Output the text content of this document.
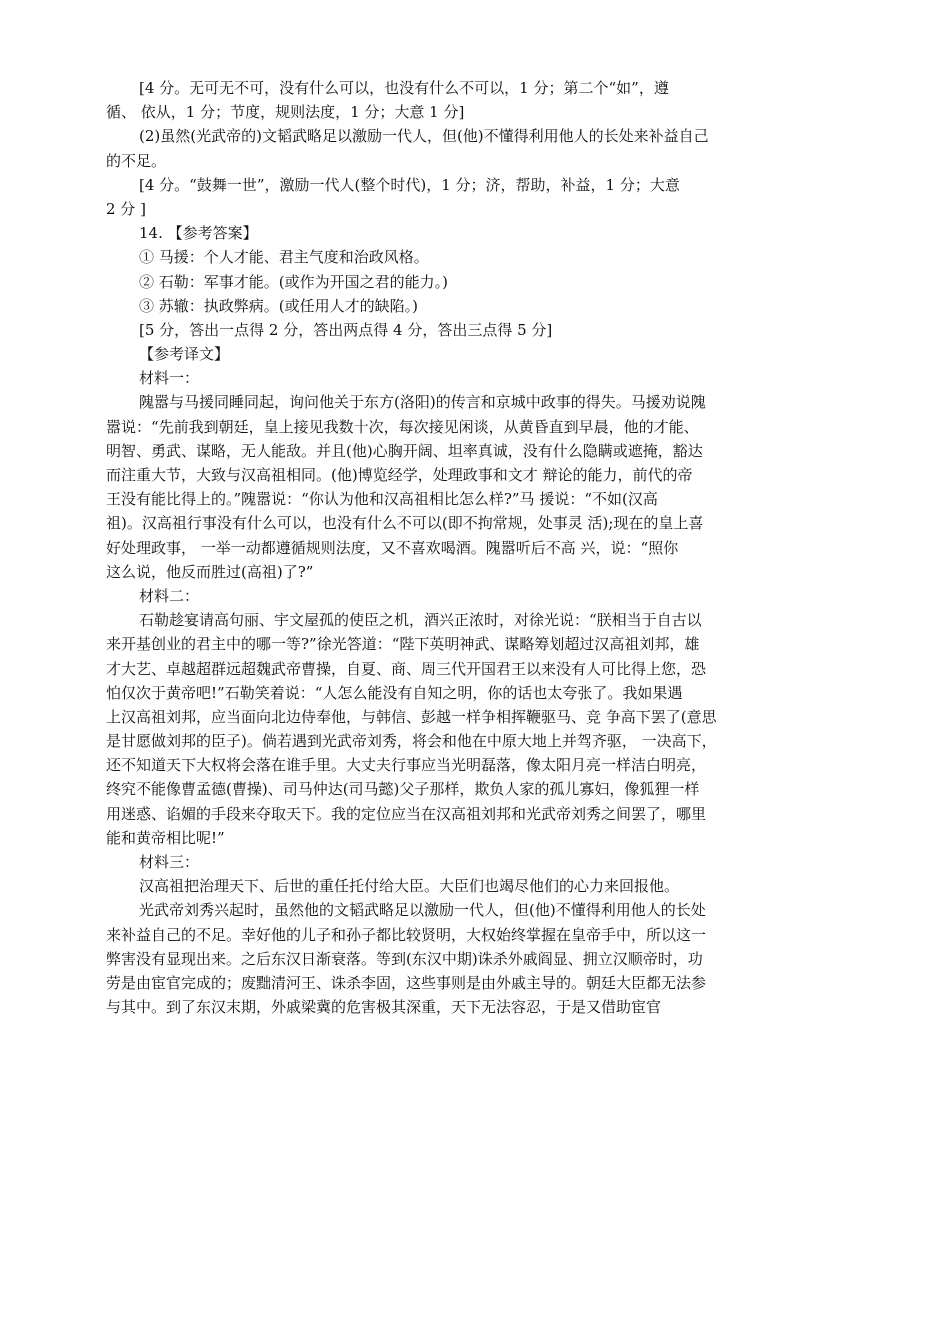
[4 分。无可无不可，没有什么可以，也没有什么不可以，1 分；第二个“如”，遵
循、 依从，1 分；节度，规则法度，1 分；大意 1 分]
(2)虽然(光武帝的)文韬武略足以激励一代人，但(他)不懂得利用他人的长处来补益自己
的不足。
[4 分。“鼓舞一世”，激励一代人(整个时代)，1 分；济，帮助，补益，1 分；大意
2 分 ]
14. 【参考答案】
① 马援：个人才能、君主气度和治政风格。
② 石勒：军事才能。(或作为开国之君的能力。)
③ 苏辙：执政弊病。(或任用人才的缺陷。)
[5 分，答出一点得 2 分，答出两点得 4 分，答出三点得 5 分]
【参考译文】
材料一：
隗嚣与马援同睡同起，询问他关于东方(洛阳)的传言和京城中政事的得失。马援劝说隗
嚣说：“先前我到朝廷，皇上接见我数十次，每次接见闲谈，从黄昏直到早晨，他的才能、
明智、勇武、谋略，无人能敌。并且(他)心胸开阔、坦率真诚，没有什么隐瞒或遮掩，豁达
而注重大节，大致与汉高祖相同。(他)博览经学，处理政事和文才 辩论的能力，前代的帝
王没有能比得上的。”隗嚣说：“你认为他和汉高祖相比怎么样?”马 援说：“不如(汉高
祖)。汉高祖行事没有什么可以，也没有什么不可以(即不拘常规，处事灵 活);现在的皇上喜
好处理政事， 一举一动都遵循规则法度，又不喜欢喝酒。隗嚣听后不高 兴，说：“照你
这么说，他反而胜过(高祖)了?”
材料二：
石勒趁宴请高句丽、宇文屋孤的使臣之机，酒兴正浓时，对徐光说：“朕相当于自古以
来开基创业的君主中的哪一等?”徐光答道：“陛下英明神武、谋略筹划超过汉高祖刘邦，雄
才大艺、卓越超群远超魏武帝曹操，自夏、商、周三代开国君王以来没有人可比得上您，恐
怕仅次于黄帝吧!”石勒笑着说：“人怎么能没有自知之明，你的话也太夸张了。我如果遇
上汉高祖刘邦，应当面向北边侍奉他，与韩信、彭越一样争相挥鞭驱马、竞 争高下罢了(意思
是甘愿做刘邦的臣子)。倘若遇到光武帝刘秀，将会和他在中原大地上并驾齐驱， 一决高下，
还不知道天下大权将会落在谁手里。大丈夫行事应当光明磊落，像太阳月亮一样洁白明亮，
终究不能像曹孟德(曹操)、司马仲达(司马懿)父子那样，欺负人家的孤儿寡妇，像狐狸一样
用迷惑、谄媚的手段来夺取天下。我的定位应当在汉高祖刘邦和光武帝刘秀之间罢了，哪里
能和黄帝相比呢!”
材料三：
汉高祖把治理天下、后世的重任托付给大臣。大臣们也竭尽他们的心力来回报他。
光武帝刘秀兴起时，虽然他的文韬武略足以激励一代人，但(他)不懂得利用他人的长处
来补益自己的不足。幸好他的儿子和孙子都比较贤明，大权始终掌握在皇帝手中，所以这一
弊害没有显现出来。之后东汉日渐衰落。等到(东汉中期)诛杀外戚阎显、拥立汉顺帝时，功
劳是由宦官完成的；废黜清河王、诛杀李固，这些事则是由外戚主导的。朝廷大臣都无法参
与其中。到了东汉末期，外戚梁冀的危害极其深重，天下无法容忍，于是又借助宦官
